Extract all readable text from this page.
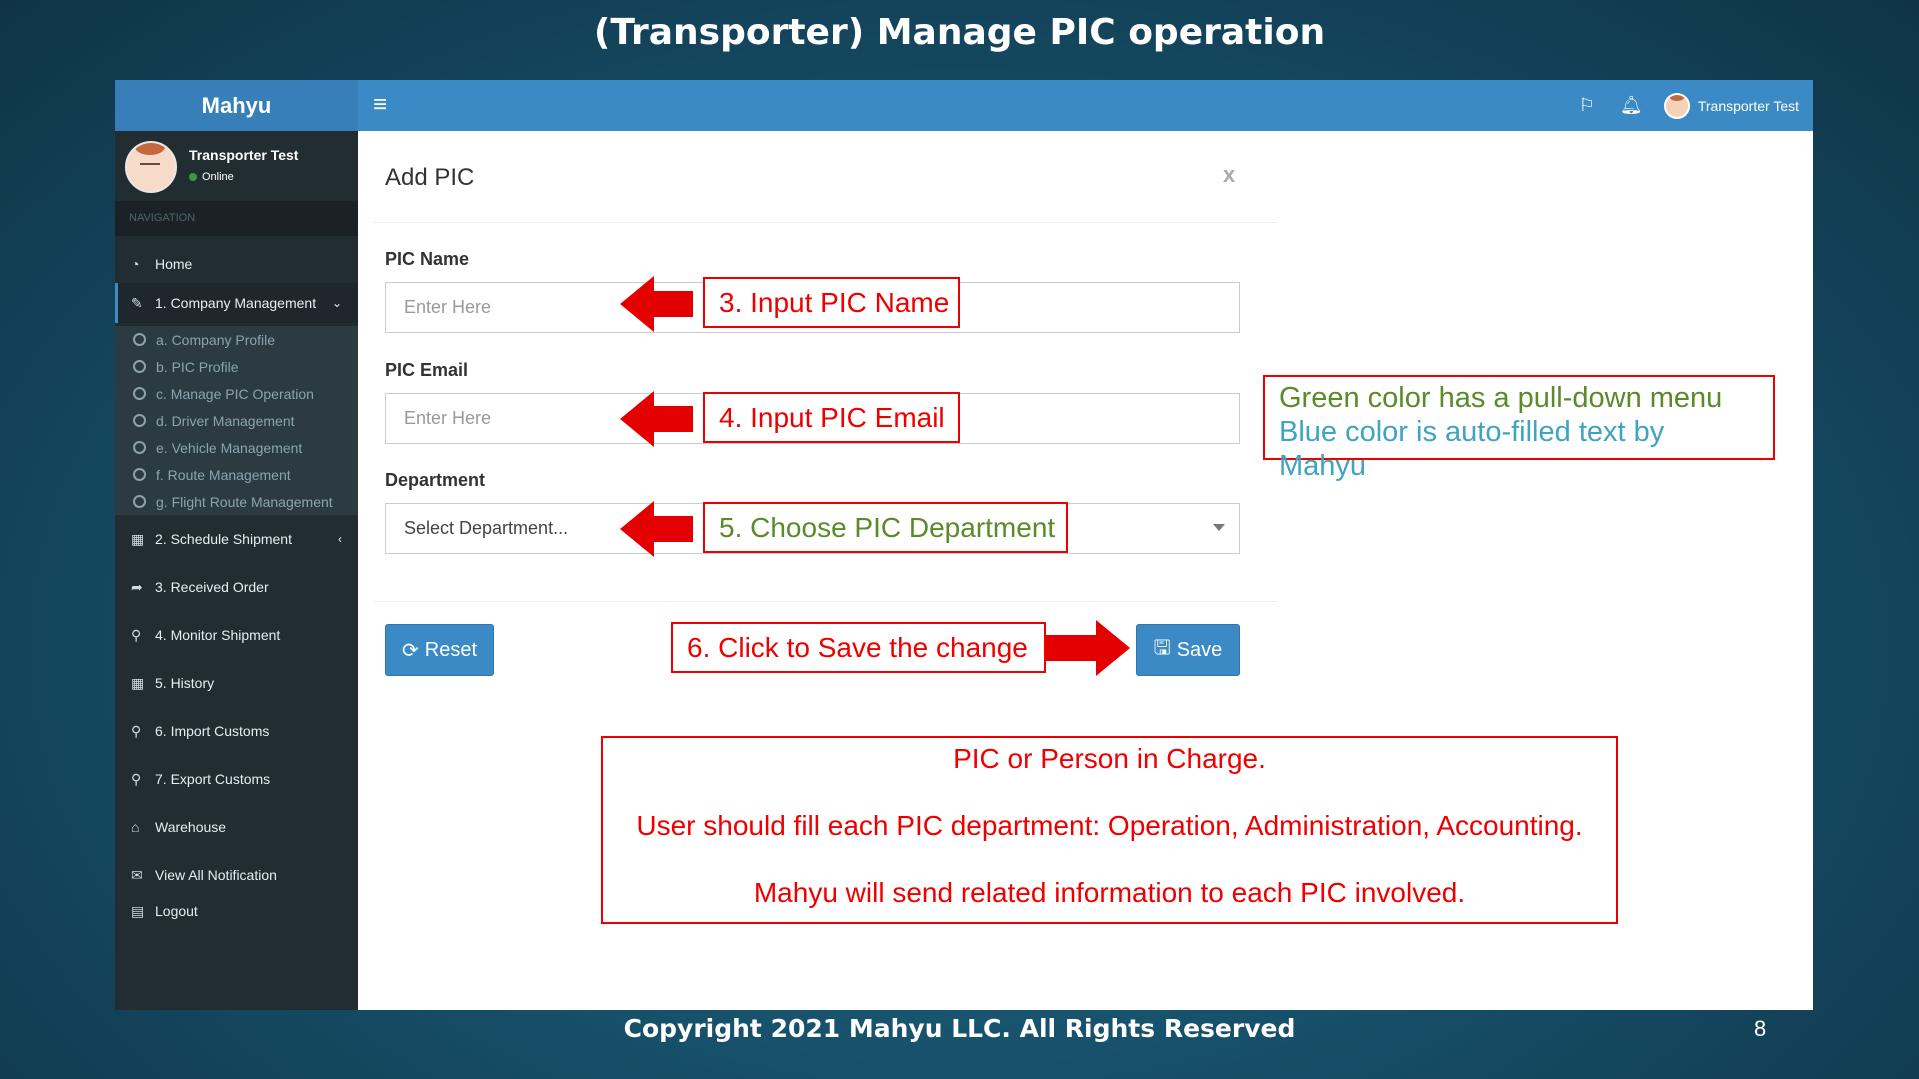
(Transporter) Manage PIC operation
Mahyu	≡	⚐ 🔔︎	Transporter Test
Transporter Test
Online
NAVIGATION
◔	Home
✎ 1. Company Management ⌄
a. Company Profile
b. PIC Profile
c. Manage PIC Operation
d. Driver Management
e. Vehicle Management
f. Route Management
g. Flight Route Management
▦ 2. Schedule Shipment	‹
➦ 3. Received Order
⚲ 4. Monitor Shipment
▦ 5. History
⚲ 6. Import Customs
⚲ 7. Export Customs
⌂	Warehouse
✉ View All Notification
▤ Logout
Add PIC	x
PIC Name
Enter Here
PIC Email
Enter Here
Department
Select Department...
⟳ Reset	🖫 Save
3. Input PIC Name
4. Input PIC Email
5. Choose PIC Department
6. Click to Save the change
Green color has a pull-down menu
Blue color is auto-filled text by Mahyu
PIC or Person in Charge.
User should fill each PIC department: Operation, Administration, Accounting.
Mahyu will send related information to each PIC involved.
Copyright 2021 Mahyu LLC. All Rights Reserved	8
